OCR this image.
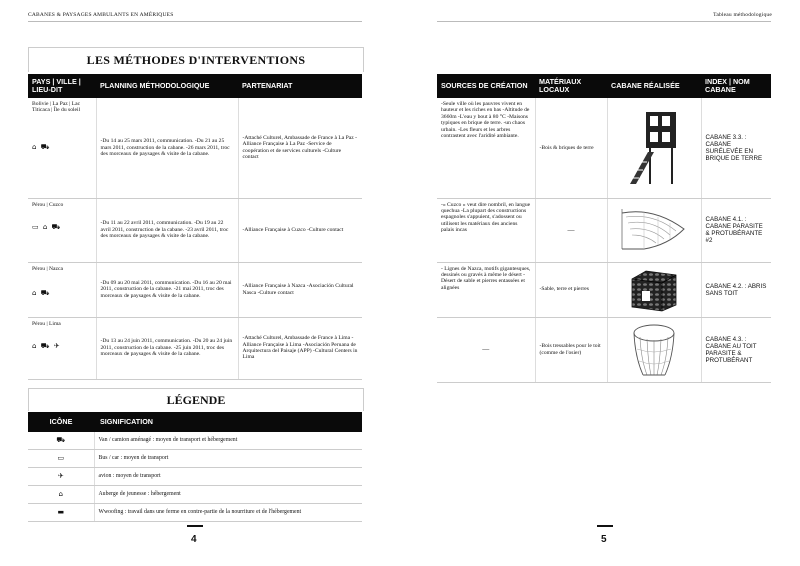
CABANES & PAYSAGES AMBULANTS EN AMÉRIQUES	Tableau méthodologique
LES MÉTHODES D'INTERVENTIONS
PAYS | VILLE | LIEU-DIT	PLANNING MÉTHODOLOGIQUE	PARTENARIAT

Bolivie | La Paz | Lac Titicaca | Île du soleil
⌂ ⛟	-Du 14 au 25 mars 2011, communication. -Du 21 au 25 mars 2011, construction de la cabane. -26 mars 2011, troc des morceaux de paysages & visite de la cabane.	-Attaché Culturel, Ambassade de France à La Paz -Alliance Française à La Paz -Service de coopération et de services culturels -Culture contact

Pérou | Cuzco
▭ ⌂ ⛟	-Du 11 au 22 avril 2011, communication. -Du 19 au 22 avril 2011, construction de la cabane. -23 avril 2011, troc des morceaux de paysages & visite de la cabane.	-Alliance Française à Cuzco -Culture contact

Pérou | Nazca
⌂ ⛟	-Du 09 au 20 mai 2011, communication. -Du 16 au 20 mai 2011, construction de la cabane. -21 mai 2011, troc des morceaux de paysages & visite de la cabane.	-Alliance Française à Nazca -Asociación Cultural Nasca -Culture contact

Pérou | Lima
⌂ ⛟ ✈	-Du 13 au 24 juin 2011, communication. -Du 20 au 24 juin 2011, construction de la cabane. -25 juin 2011, troc des morceaux de paysages & visite de la cabane.	-Attaché Culturel, Ambassade de France à Lima -Alliance Française à Lima -Asociación Peruana de Arquitectura del Paisaje (APP) -Cultural Centers in Lima
SOURCES DE CRÉATION	MATÉRIAUX LOCAUX	CABANE RÉALISÉE	INDEX | NOM CABANE
-Seule ville où les pauvres vivent en hauteur et les riches en bas -Altitude de 3660m -L'eau y bout à 80 °C -Maisons typiques en brique de terre. -un chaos urbain. -Les fleurs et les arbres contrastent avec l'aridité ambiante.	-Bois & briques de terre		CABANE 3.3. : CABANE SURÉLEVÉE EN BRIQUE DE TERRE
-« Cuzco » veut dire nombril, en langue quechua -La plupart des constructions espagnoles s'appuient, s'adossent ou utilisent les matériaux des anciens palais incas	—		CABANE 4.1. : CABANE PARASITE & PROTUBÉRANTE #2
- Lignes de Nazca, motifs gigantesques, dessinés ou gravés à même le désert -Désert de sable et pierres entassées et alignées	-Sable, terre et pierres		CABANE 4.2. : ABRIS SANS TOIT
—	-Bois tressables pour le toit (comme de l'osier)		CABANE 4.3. : CABANE AU TOIT PARASITE & PROTUBÉRANT
LÉGENDE
ICÔNE	SIGNIFICATION
⛟	Van / camion aménagé : moyen de transport et hébergement
▭	Bus / car : moyen de transport
✈	avion : moyen de transport
⌂	Auberge de jeunesse : hébergement
▬	Wwoofing : travail dans une ferme en contre-partie de la nourriture et de l'hébergement
4	5
